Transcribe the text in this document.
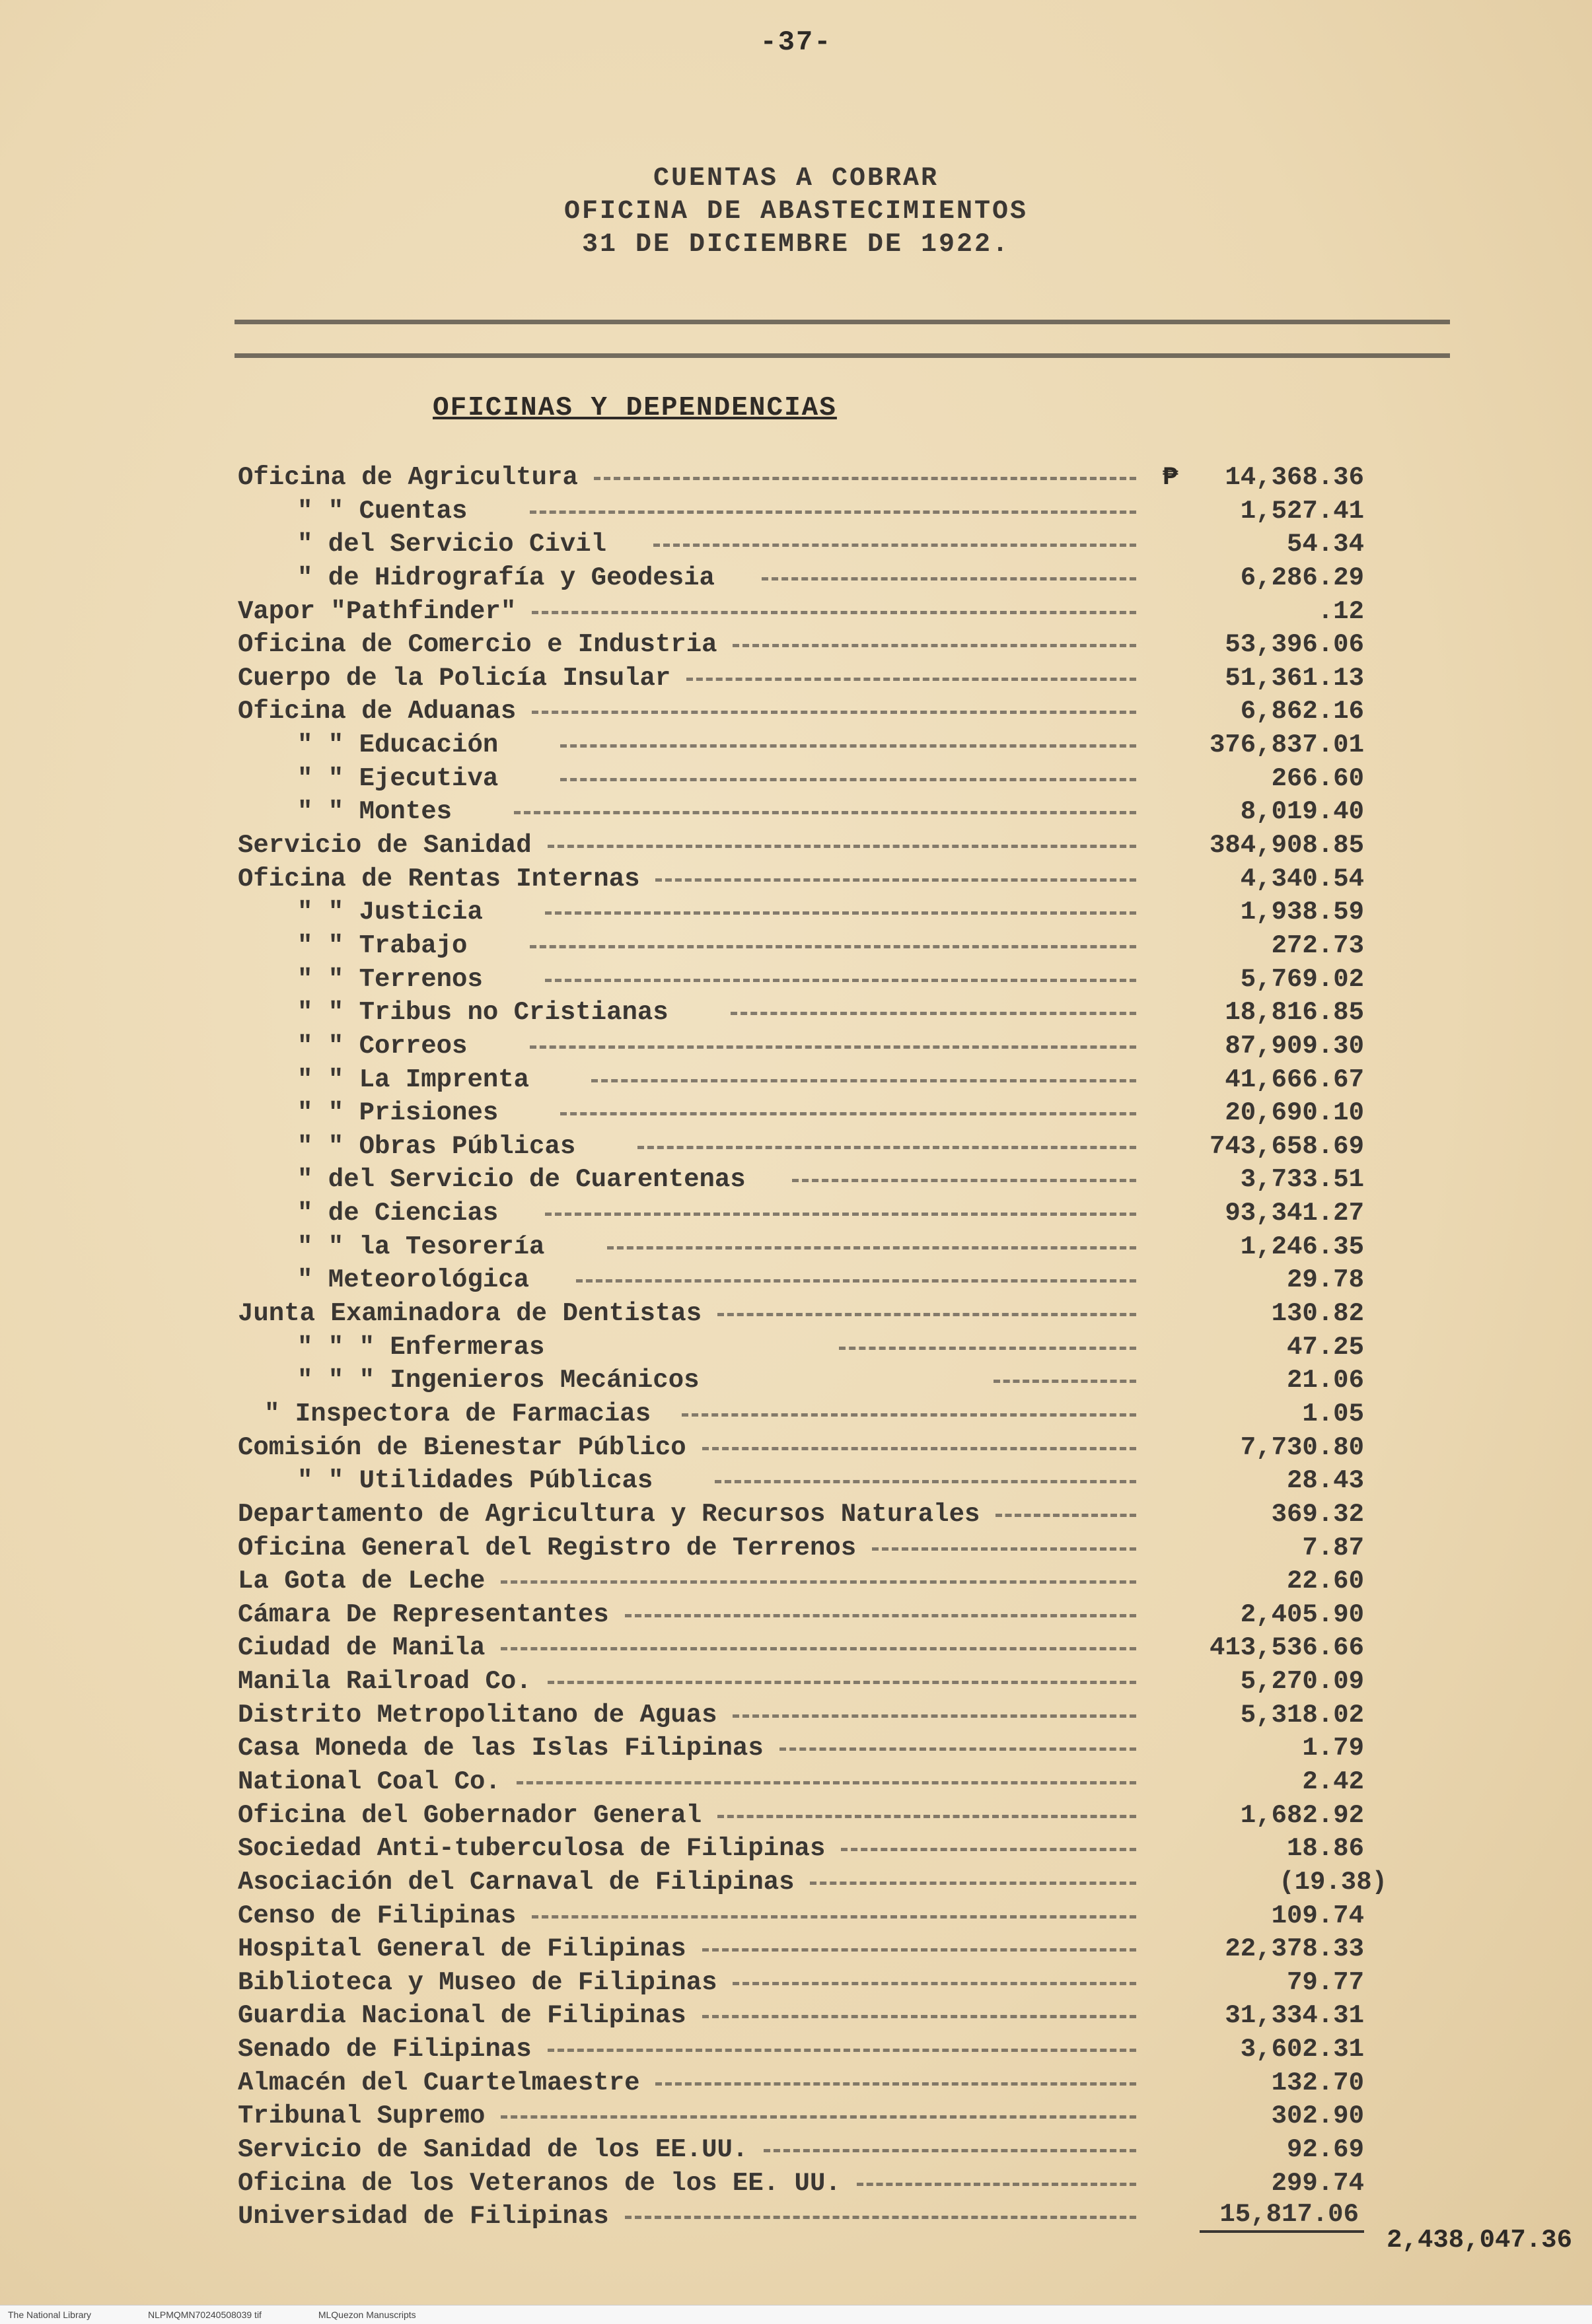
-37-
CUENTAS A COBRAR
OFICINA DE ABASTECIMIENTOS
31 DE DICIEMBRE DE 1922.
OFICINAS Y DEPENDENCIAS
Oficina de Agricultura	₱ 14,368.36
" " Cuentas	1,527.41
" del Servicio Civil	54.34
" de Hidrografía y Geodesia	6,286.29
Vapor "Pathfinder"	.12
Oficina de Comercio e Industria	53,396.06
Cuerpo de la Policía Insular	51,361.13
Oficina de Aduanas	6,862.16
" " Educación	376,837.01
" " Ejecutiva	266.60
" " Montes	8,019.40
Servicio de Sanidad	384,908.85
Oficina de Rentas Internas	4,340.54
" " Justicia	1,938.59
" " Trabajo	272.73
" " Terrenos	5,769.02
" " Tribus no Cristianas	18,816.85
" " Correos	87,909.30
" " La Imprenta	41,666.67
" " Prisiones	20,690.10
" " Obras Públicas	743,658.69
" del Servicio de Cuarentenas	3,733.51
" de Ciencias	93,341.27
" " la Tesorería	1,246.35
" Meteorológica	29.78
Junta Examinadora de Dentistas	130.82
" " " Enfermeras	47.25
" " " Ingenieros Mecánicos	21.06
" Inspectora de Farmacias	1.05
Comisión de Bienestar Público	7,730.80
" " Utilidades Públicas	28.43
Departamento de Agricultura y Recursos Naturales	369.32
Oficina General del Registro de Terrenos	7.87
La Gota de Leche	22.60
Cámara De Representantes	2,405.90
Ciudad de Manila	413,536.66
Manila Railroad Co.	5,270.09
Distrito Metropolitano de Aguas	5,318.02
Casa Moneda de las Islas Filipinas	1.79
National Coal Co.	2.42
Oficina del Gobernador General	1,682.92
Sociedad Anti-tuberculosa de Filipinas	18.86
Asociación del Carnaval de Filipinas	(19.38)
Censo de Filipinas	109.74
Hospital General de Filipinas	22,378.33
Biblioteca y Museo de Filipinas	79.77
Guardia Nacional de Filipinas	31,334.31
Senado de Filipinas	3,602.31
Almacén del Cuartelmaestre	132.70
Tribunal Supremo	302.90
Servicio de Sanidad de los EE.UU.	92.69
Oficina de los Veteranos de los EE. UU.	299.74
Universidad de Filipinas	15,817.06
2,438,047.36
The National Library	NLPMQMN70240508039 tif	MLQuezon Manuscripts
